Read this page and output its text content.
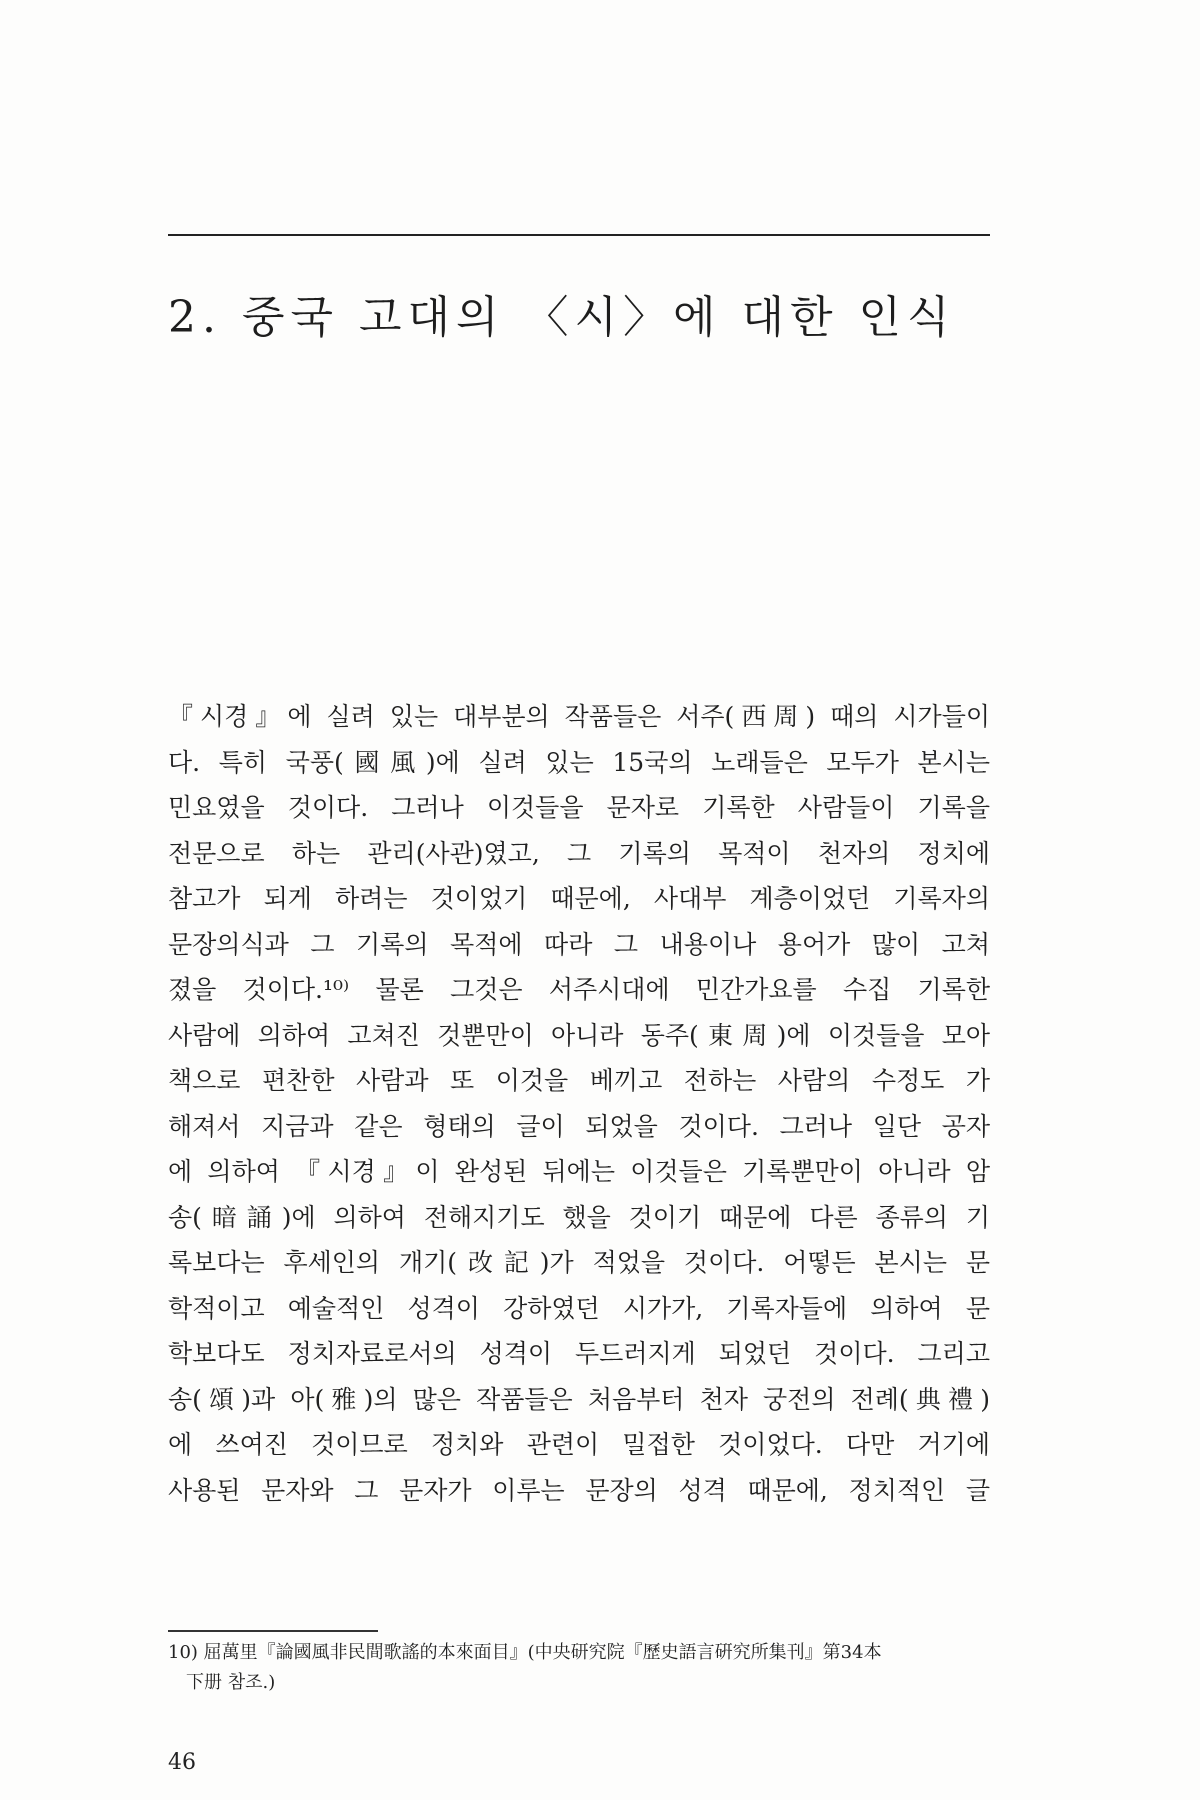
2. 중국 고대의 〈시〉에 대한 인식
『시경』에 실려 있는 대부분의 작품들은 서주(西周) 때의 시가들이
다. 특히 국풍(國風)에 실려 있는 15국의 노래들은 모두가 본시는
민요였을 것이다. 그러나 이것들을 문자로 기록한 사람들이 기록을
전문으로 하는 관리(사관)였고, 그 기록의 목적이 천자의 정치에
참고가 되게 하려는 것이었기 때문에, 사대부 계층이었던 기록자의
문장의식과 그 기록의 목적에 따라 그 내용이나 용어가 많이 고쳐
졌을 것이다.¹⁰⁾ 물론 그것은 서주시대에 민간가요를 수집 기록한
사람에 의하여 고쳐진 것뿐만이 아니라 동주(東周)에 이것들을 모아
책으로 편찬한 사람과 또 이것을 베끼고 전하는 사람의 수정도 가
해져서 지금과 같은 형태의 글이 되었을 것이다. 그러나 일단 공자
에 의하여 『시경』이 완성된 뒤에는 이것들은 기록뿐만이 아니라 암
송(暗誦)에 의하여 전해지기도 했을 것이기 때문에 다른 종류의 기
록보다는 후세인의 개기(改記)가 적었을 것이다. 어떻든 본시는 문
학적이고 예술적인 성격이 강하였던 시가가, 기록자들에 의하여 문
학보다도 정치자료로서의 성격이 두드러지게 되었던 것이다. 그리고
송(頌)과 아(雅)의 많은 작품들은 처음부터 천자 궁전의 전례(典禮)
에 쓰여진 것이므로 정치와 관련이 밀접한 것이었다. 다만 거기에
사용된 문자와 그 문자가 이루는 문장의 성격 때문에, 정치적인 글
10) 屈萬里『論國風非民間歌謠的本來面目』(中央研究院『歷史語言硏究所集刊』第34本
下册 참조.)
46
